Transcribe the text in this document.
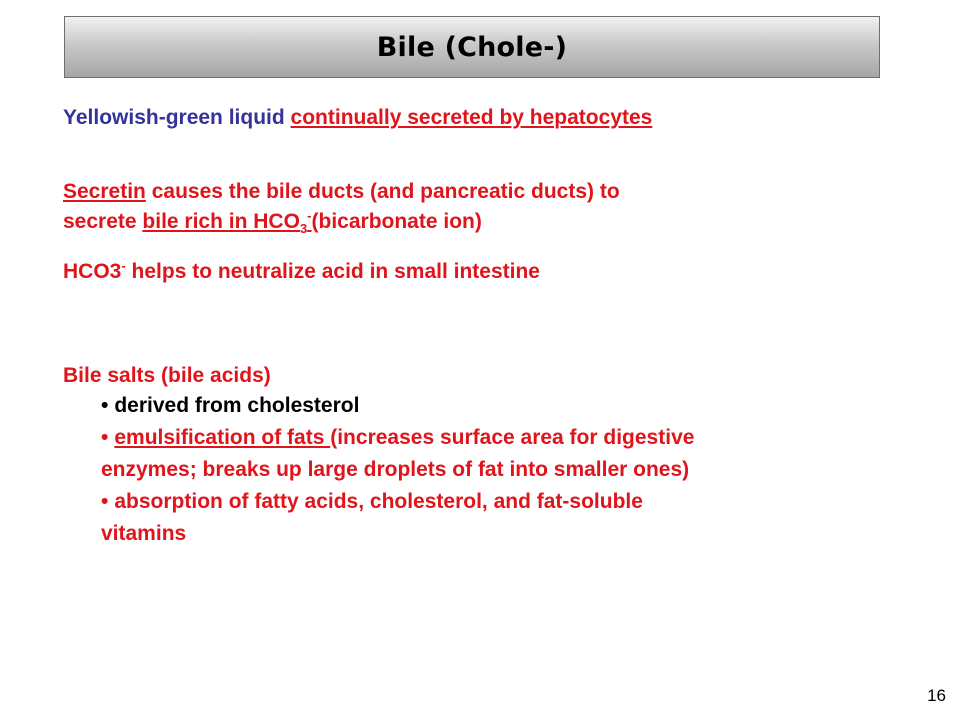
Bile (Chole-)
Yellowish-green liquid continually secreted by hepatocytes
Secretin causes the bile ducts (and pancreatic ducts) to
secrete bile rich in $HCO_3^-(bicarbonate$ ion)
HCO3- helps to neutralize acid in small intestine
Bile salts (bile acids)
• derived from cholesterol
• emulsification of fats (increases surface area for digestive
enzymes; breaks up large droplets of fat into smaller ones)
• absorption of fatty acids, cholesterol, and fat-soluble
vitamins
16
